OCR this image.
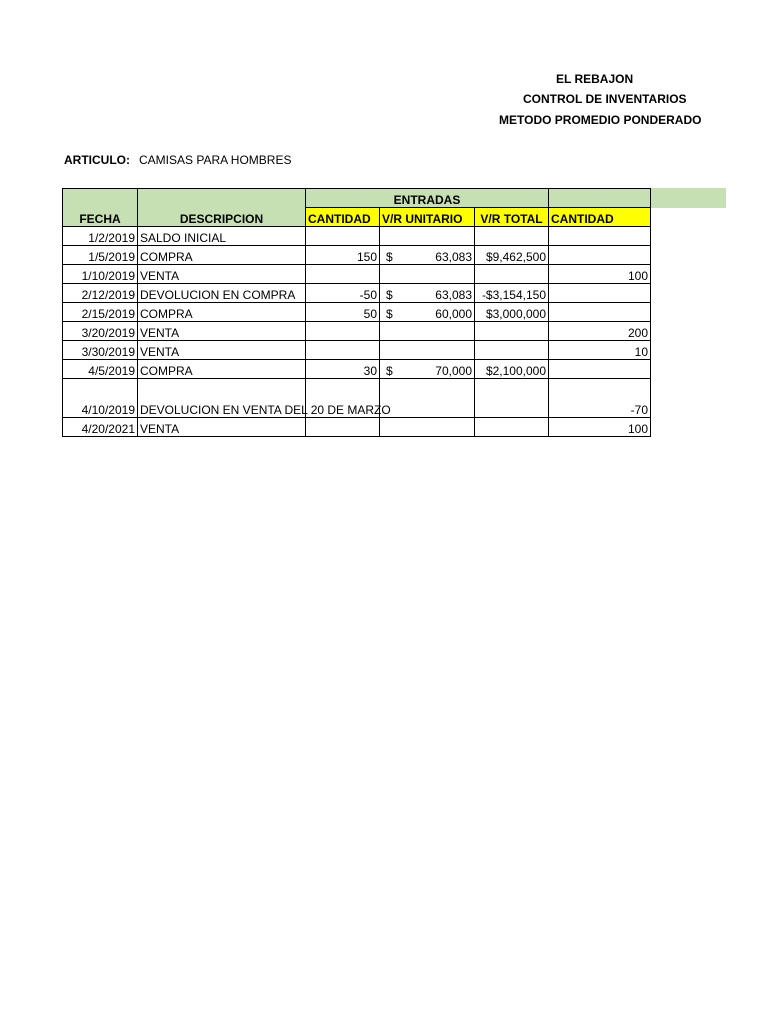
EL REBAJON
CONTROL DE INVENTARIOS
METODO PROMEDIO PONDERADO
ARTICULO: CAMISAS PARA HOMBRES
FECHA	DESCRIPCION	ENTRADAS			
		CANTIDAD	V/R UNITARIO	V/R TOTAL	CANTIDAD
1/2/2019	SALDO INICIAL		

1/5/2019	COMPRA	150	$ 63,083	$9,462,500	
1/10/2019	VENTA				100
2/12/2019	DEVOLUCION EN COMPRA	-50	$ 63,083	-$3,154,150	
2/15/2019	COMPRA	50	$ 60,000	$3,000,000	
3/20/2019	VENTA				200
3/30/2019	VENTA				10
4/5/2019	COMPRA	30	$ 70,000	$2,100,000	
4/10/2019	DEVOLUCION EN VENTA DEL 20 DE MARZO				-70
4/20/2021	VENTA				100
